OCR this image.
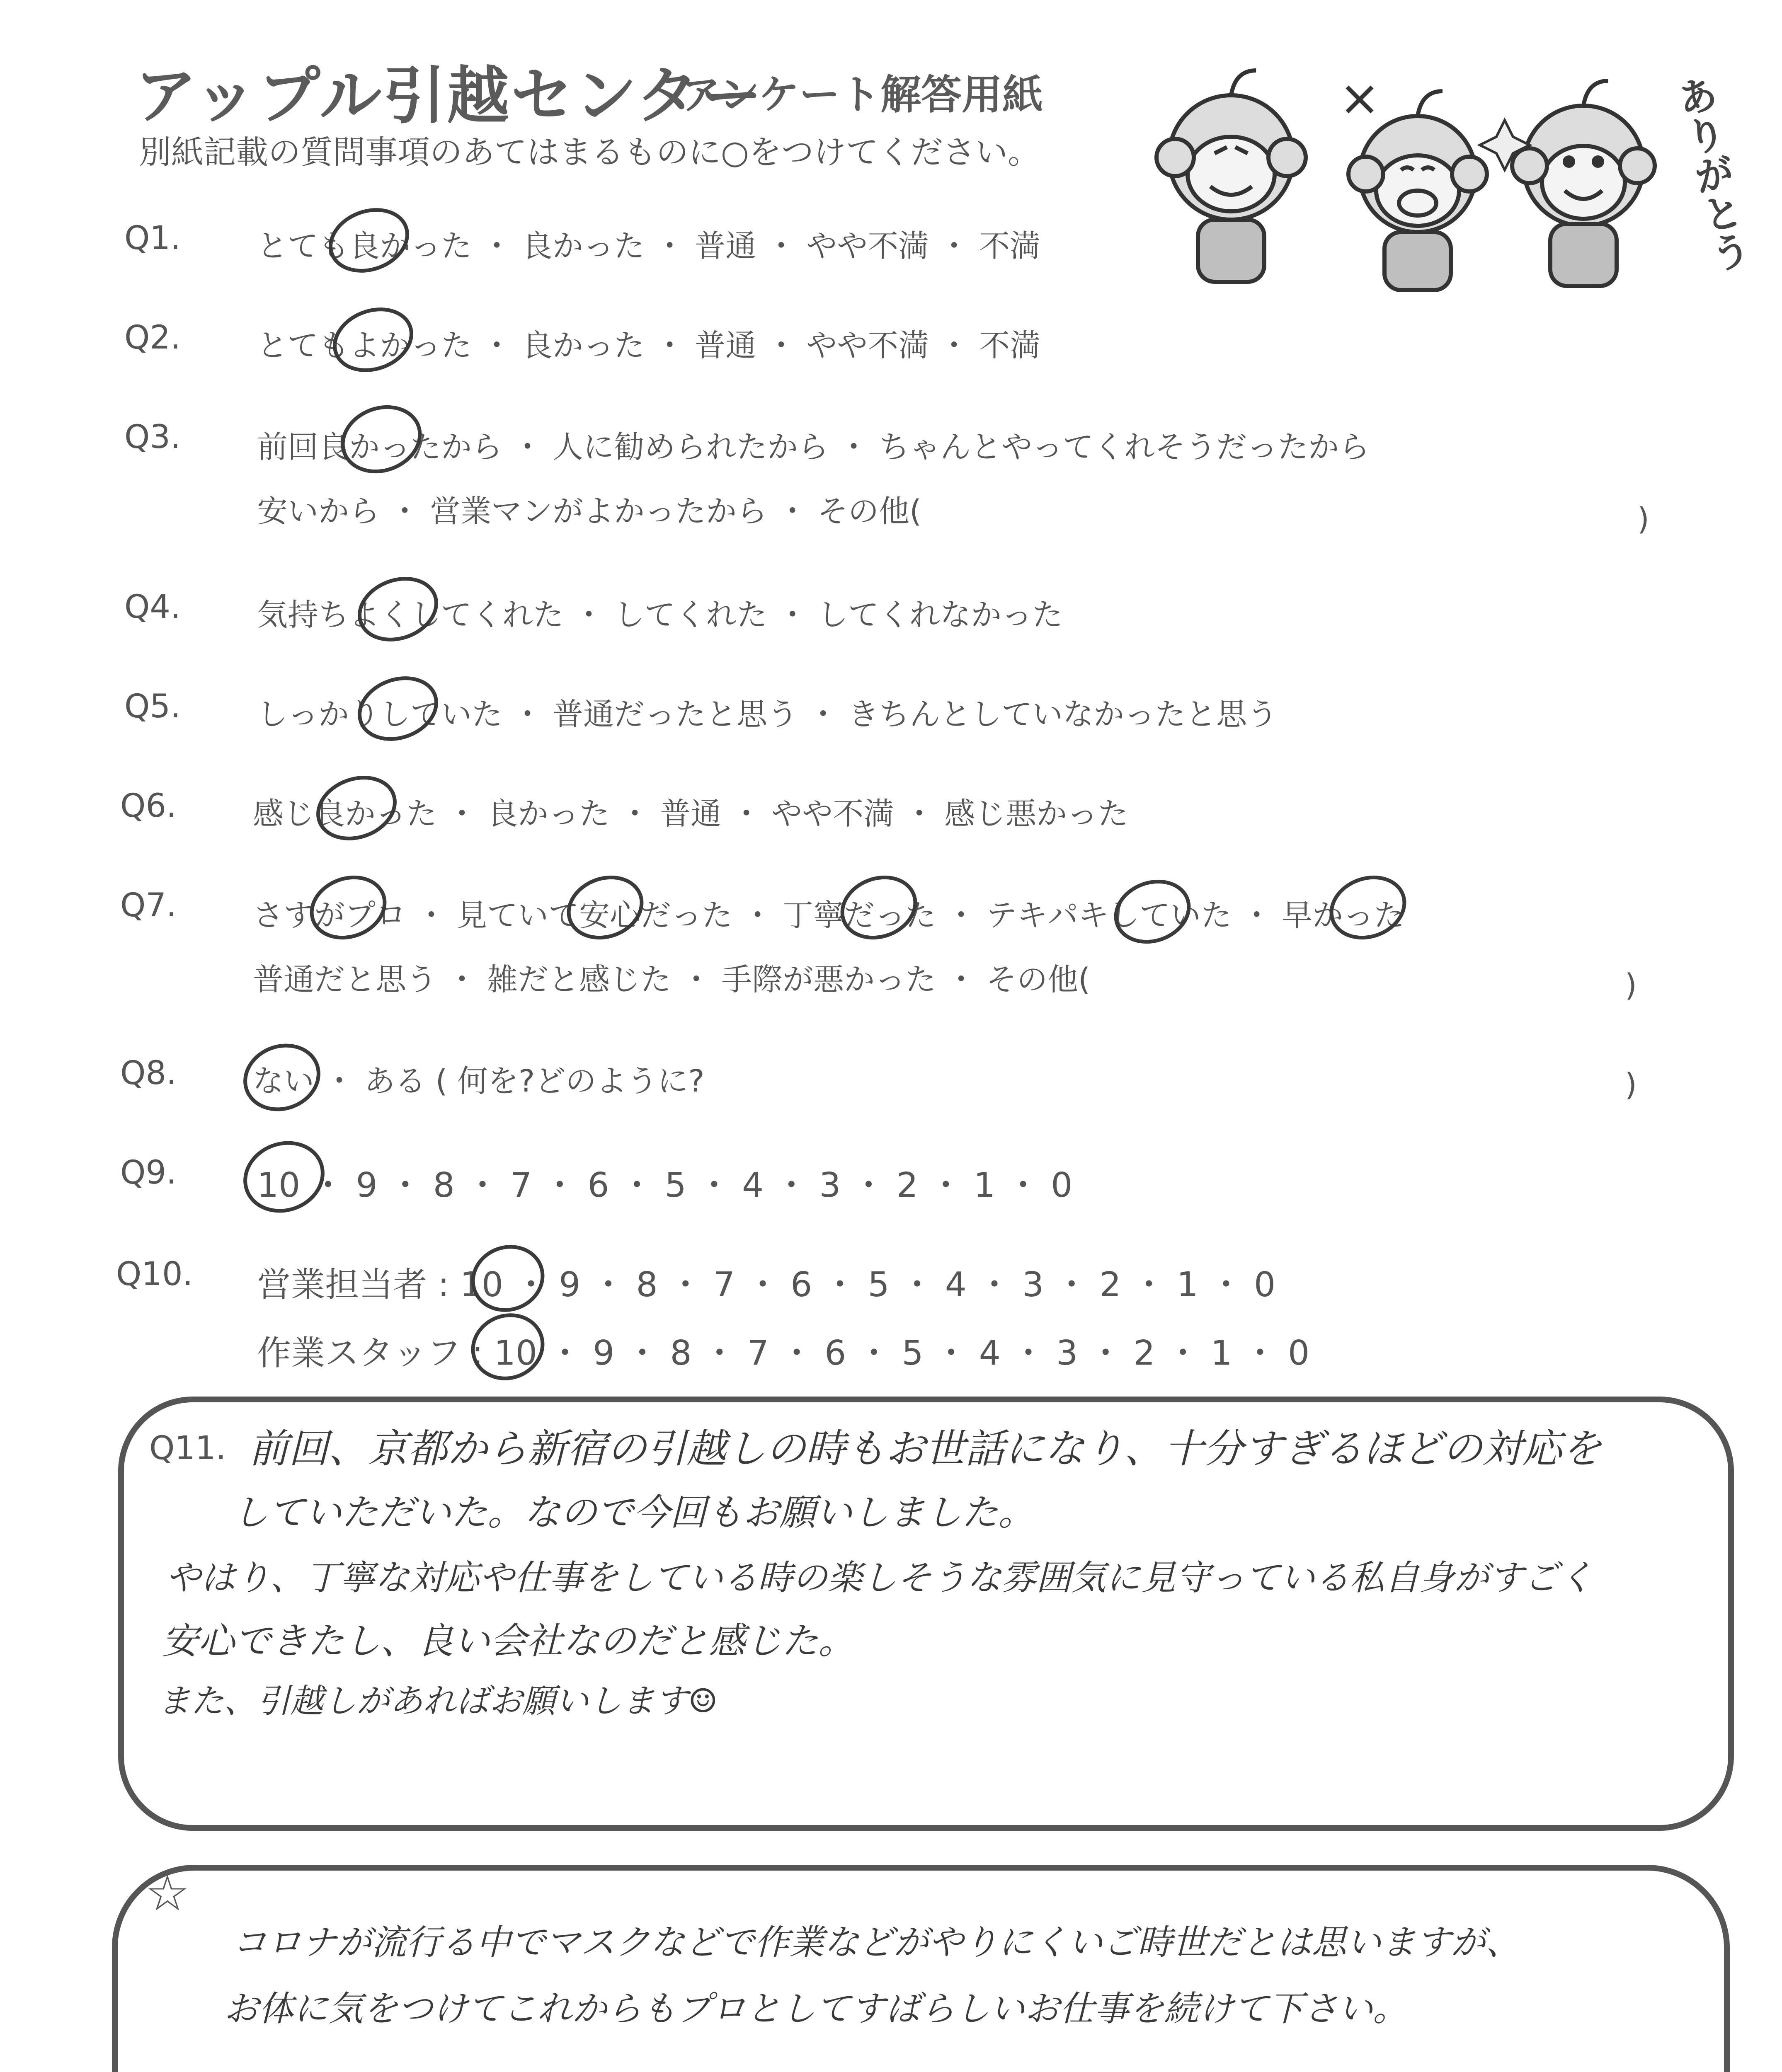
アップル引越センター
アンケート解答用紙
別紙記載の質問事項のあてはまるものに○をつけてください。	ありがとう
Q1. とても良かった ・ 良かった ・ 普通 ・ やや不満 ・ 不満
Q2. とてもよかった ・ 良かった ・ 普通 ・ やや不満 ・ 不満
Q3. 前回良かったから ・ 人に勧められたから ・ ちゃんとやってくれそうだったから
安いから ・ 営業マンがよかったから ・ その他(	)
Q4. 気持ちよくしてくれた ・ してくれた ・ してくれなかった
Q5. しっかりしていた ・ 普通だったと思う ・ きちんとしていなかったと思う
Q6. 感じ良かった ・ 良かった ・ 普通 ・ やや不満 ・ 感じ悪かった
Q7. さすがプロ ・ 見ていて安心だった ・ 丁寧だった ・ テキパキしていた ・ 早かった
普通だと思う ・ 雑だと感じた ・ 手際が悪かった ・ その他(	)
Q8. ない ・ ある ( 何を?どのように?	)
Q9. 10 ・ 9 ・ 8 ・ 7 ・ 6 ・ 5 ・ 4 ・ 3 ・ 2 ・ 1 ・ 0
Q10. 営業担当者 : 10 ・ 9 ・ 8 ・ 7 ・ 6 ・ 5 ・ 4 ・ 3 ・ 2 ・ 1 ・ 0
作業スタッフ : 10 ・ 9 ・ 8 ・ 7 ・ 6 ・ 5 ・ 4 ・ 3 ・ 2 ・ 1 ・ 0
Q11. 前回、京都から新宿の引越しの時もお世話になり、十分すぎるほどの対応を
していただいた。なので今回もお願いしました。
やはり、丁寧な対応や仕事をしている時の楽しそうな雰囲気に見守っている私自身がすごく
安心できたし、良い会社なのだと感じた。
また、引越しがあればお願いします☺
☆
コロナが流行る中でマスクなどで作業などがやりにくいご時世だとは思いますが、
お体に気をつけてこれからもプロとしてすばらしいお仕事を続けて下さい。
